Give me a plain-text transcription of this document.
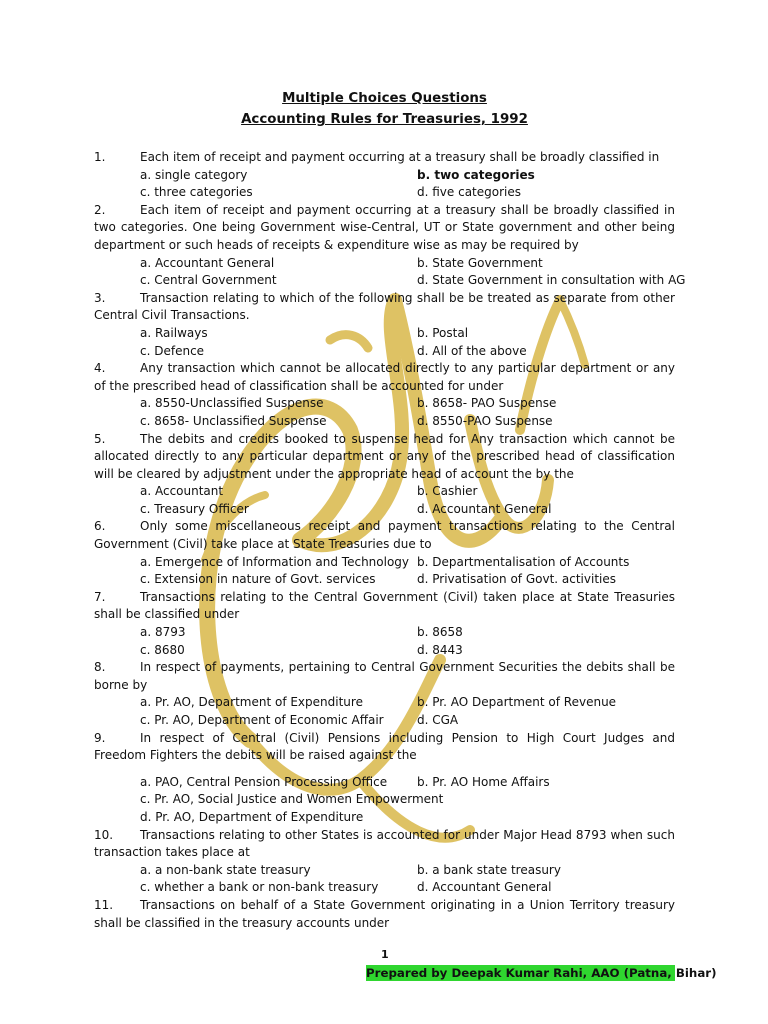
Multiple Choices Questions
Accounting Rules for Treasuries, 1992
1.	Each item of receipt and payment occurring at a treasury shall be broadly classified in
a. single category	b. two categories
c. three categories	d. five categories
2.	Each item of receipt and payment occurring at a treasury shall be broadly classified in two categories. One being Government wise-Central, UT or State government and other being department or such heads of receipts & expenditure wise as may be required by
a. Accountant General	b. State Government
c. Central Government	d. State Government in consultation with AG
3.	Transaction relating to which of the following shall be be treated as separate from other Central Civil Transactions.
a. Railways	b. Postal
c. Defence	d. All of the above
4.	Any transaction which cannot be allocated directly to any particular department or any of the prescribed head of classification shall be accounted for under
a. 8550-Unclassified Suspense	b. 8658- PAO Suspense
c. 8658- Unclassified Suspense	d. 8550-PAO Suspense
5.	The debits and credits booked to suspense head for Any transaction which cannot be allocated directly to any particular department or any of the prescribed head of classification will be cleared by adjustment under the appropriate head of account the by the
a. Accountant	b. Cashier
c. Treasury Officer	d. Accountant General
6.	Only some miscellaneous receipt and payment transactions relating to the Central Government (Civil) take place at State Treasuries due to
a. Emergence of Information and Technology b. Departmentalisation of Accounts
c. Extension in nature of Govt. services	d. Privatisation of Govt. activities
7.	Transactions relating to the Central Government (Civil) taken place at State Treasuries shall be classified under
a. 8793	b. 8658
c. 8680	d. 8443
8.	In respect of payments, pertaining to Central Government Securities the debits shall be borne by
a. Pr. AO, Department of Expenditure	b. Pr. AO Department of Revenue
c. Pr. AO, Department of Economic Affair	d. CGA
9.	In respect of Central (Civil) Pensions including Pension to High Court Judges and Freedom Fighters the debits will be raised against the
a. PAO, Central Pension Processing Office	b. Pr. AO Home Affairs
c. Pr. AO, Social Justice and Women Empowerment
d. Pr. AO, Department of Expenditure
10. Transactions relating to other States is accounted for under Major Head 8793 when such transaction takes place at
a. a non-bank state treasury	b. a bank state treasury
c. whether a bank or non-bank treasury	d. Accountant General
11. Transactions on behalf of a State Government originating in a Union Territory treasury shall be classified in the treasury accounts under
1
Prepared by Deepak Kumar Rahi, AAO (Patna, Bihar)
